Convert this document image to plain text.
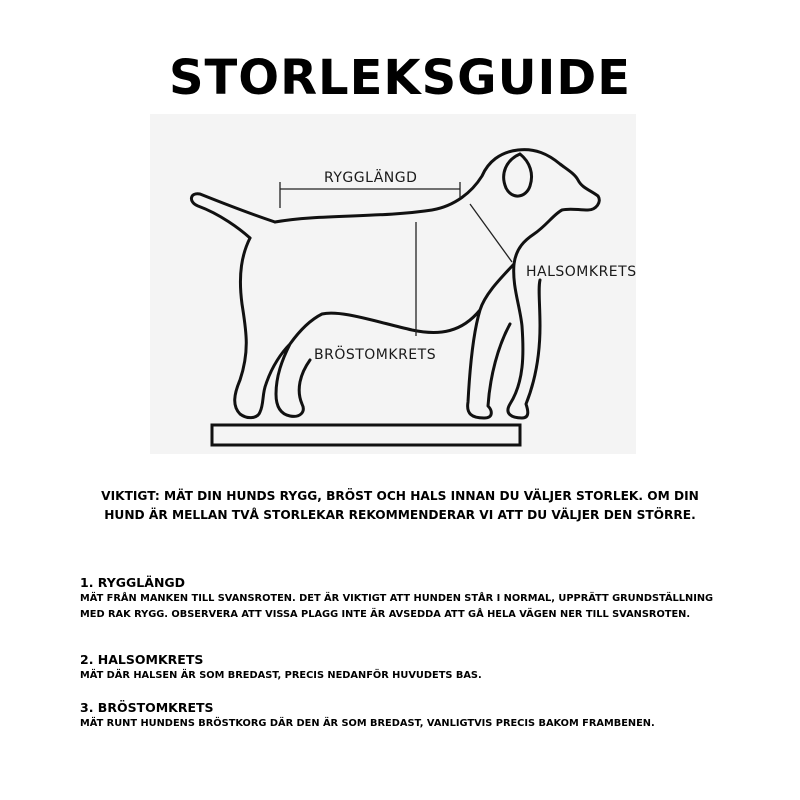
STORLEKSGUIDE
RYGGLÄNGD
HALSOMKRETS
BRÖSTOMKRETS
VIKTIGT: MÄT DIN HUNDS RYGG, BRÖST OCH HALS INNAN DU VÄLJER STORLEK. OM DIN HUND ÄR MELLAN TVÅ STORLEKAR REKOMMENDERAR VI ATT DU VÄLJER DEN STÖRRE.
1. RYGGLÄNGD

MÄT FRÅN MANKEN TILL SVANSROTEN. DET ÄR VIKTIGT ATT HUNDEN STÅR I NORMAL, UPPRÄTT GRUNDSTÄLLNING MED RAK RYGG. OBSERVERA ATT VISSA PLAGG INTE ÄR AVSEDDA ATT GÅ HELA VÄGEN NER TILL SVANSROTEN.

2. HALSOMKRETS

MÄT DÄR HALSEN ÄR SOM BREDAST, PRECIS NEDANFÖR HUVUDETS BAS.

3. BRÖSTOMKRETS

MÄT RUNT HUNDENS BRÖSTKORG DÄR DEN ÄR SOM BREDAST, VANLIGTVIS PRECIS BAKOM FRAMBENEN.
